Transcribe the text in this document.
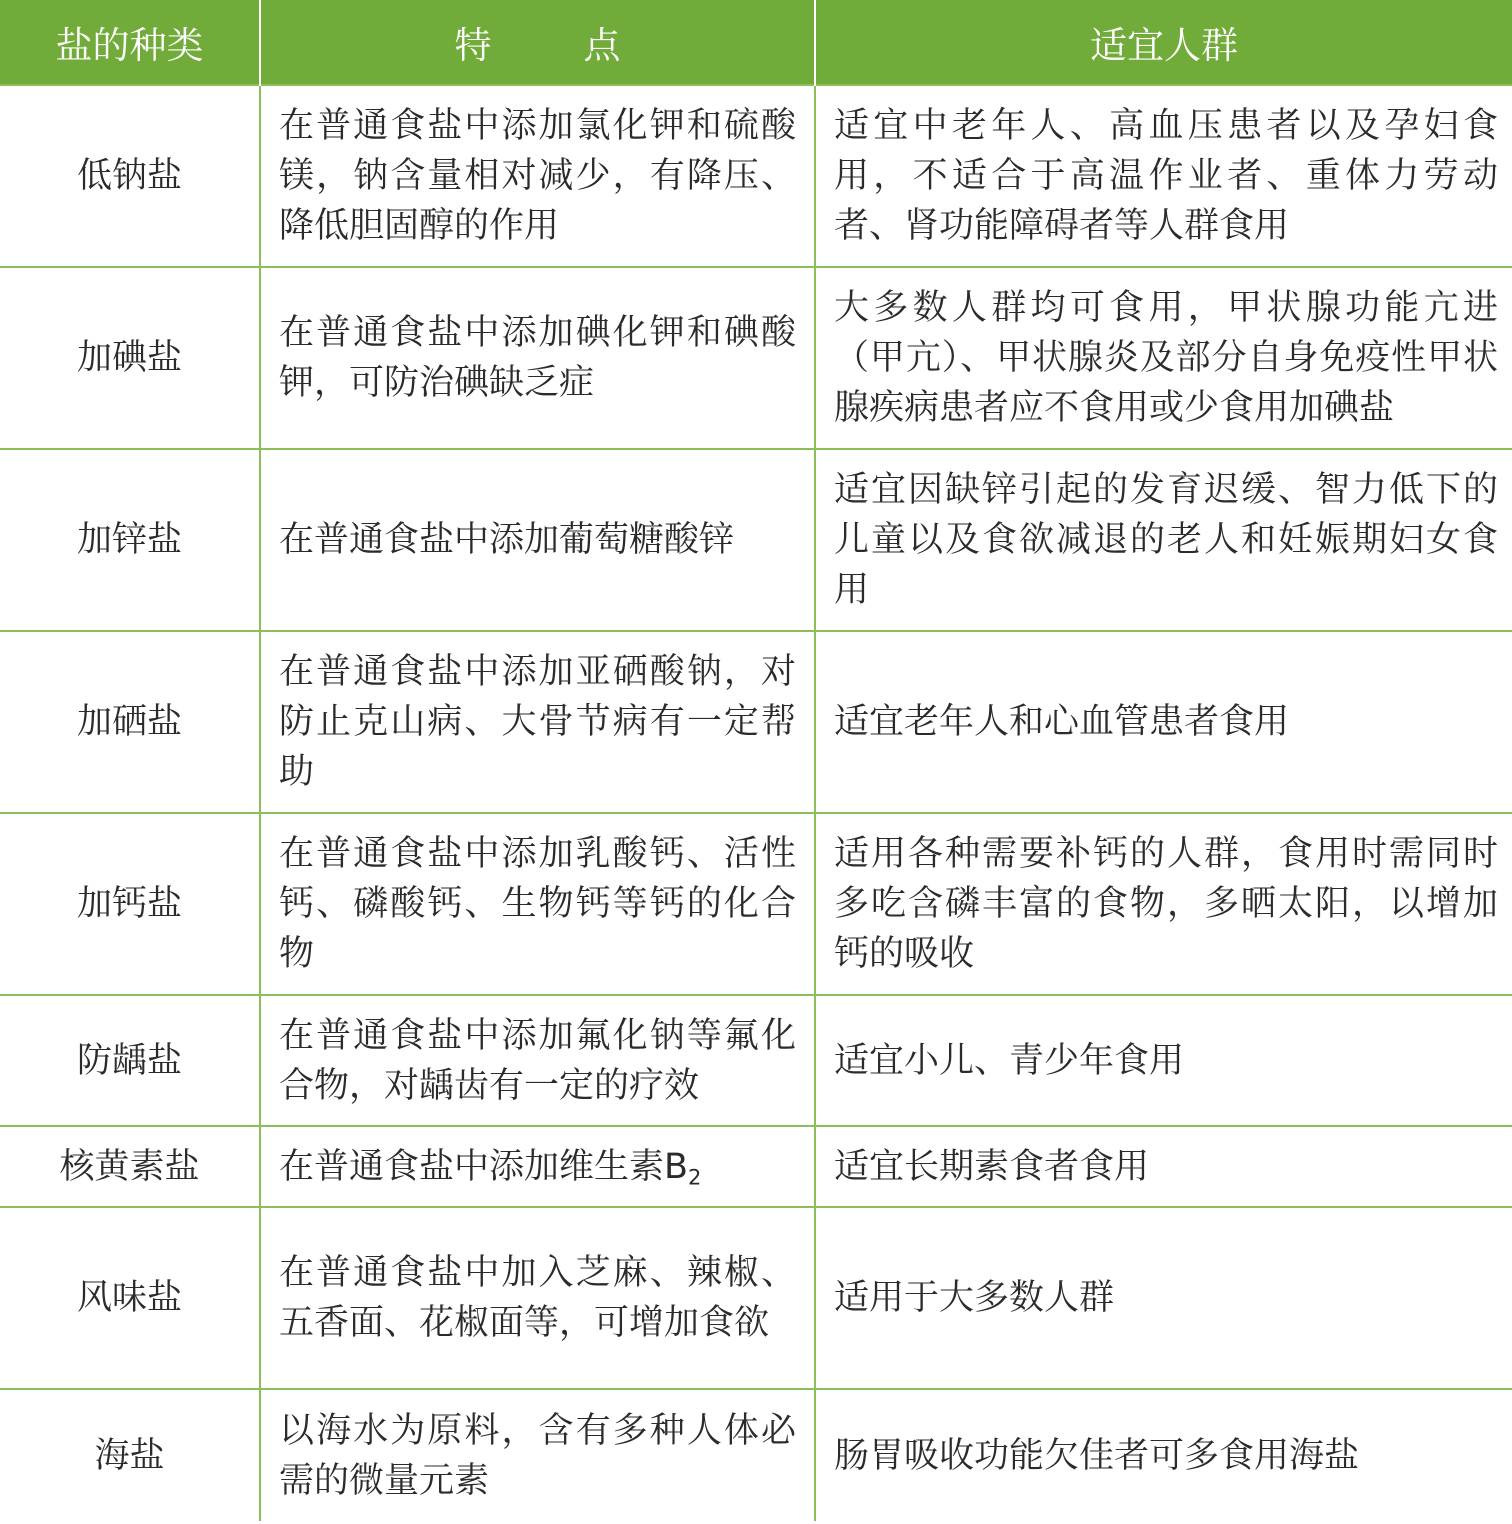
盐的种类	特 点	适宜人群
低钠盐	在普通食盐中添加氯化钾和硫酸镁，钠含量相对减少，有降压、降低胆固醇的作用	适宜中老年人、高血压患者以及孕妇食用，不适合于高温作业者、重体力劳动者、肾功能障碍者等人群食用
加碘盐	在普通食盐中添加碘化钾和碘酸钾，可防治碘缺乏症	大多数人群均可食用，甲状腺功能亢进（甲亢）、甲状腺炎及部分自身免疫性甲状腺疾病患者应不食用或少食用加碘盐
加锌盐	在普通食盐中添加葡萄糖酸锌	适宜因缺锌引起的发育迟缓、智力低下的儿童以及食欲减退的老人和妊娠期妇女食用
加硒盐	在普通食盐中添加亚硒酸钠，对防止克山病、大骨节病有一定帮助	适宜老年人和心血管患者食用
加钙盐	在普通食盐中添加乳酸钙、活性钙、磷酸钙、生物钙等钙的化合物	适用各种需要补钙的人群，食用时需同时多吃含磷丰富的食物，多晒太阳，以增加钙的吸收
防龋盐	在普通食盐中添加氟化钠等氟化合物，对龋齿有一定的疗效	适宜小儿、青少年食用
核黄素盐	在普通食盐中添加维生素$B_2$	适宜长期素食者食用
风味盐	在普通食盐中加入芝麻、辣椒、五香面、花椒面等，可增加食欲	适用于大多数人群
海盐	以海水为原料，含有多种人体必需的微量元素	肠胃吸收功能欠佳者可多食用海盐
